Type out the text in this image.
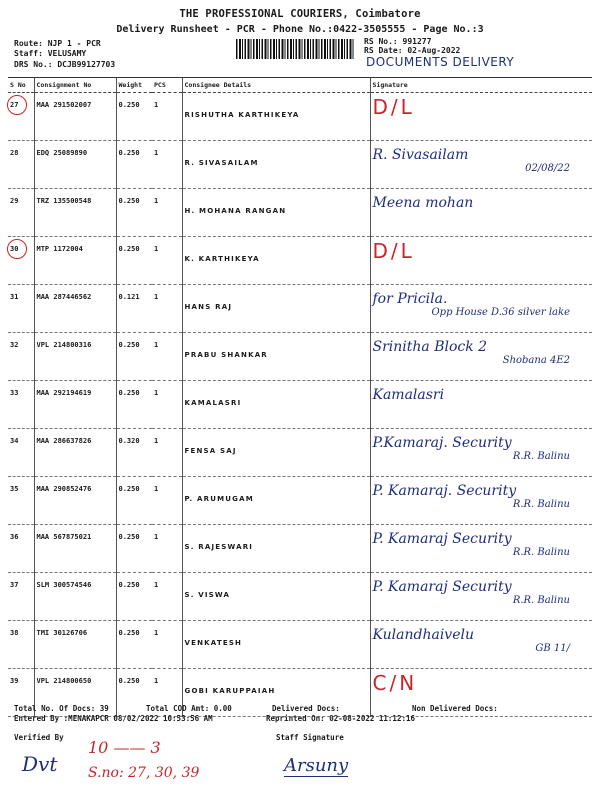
THE PROFESSIONAL COURIERS, Coimbatore
Delivery Runsheet - PCR - Phone No.:0422-3505555 - Page No.:3
Route: NJP 1 - PCR
Staff: VELUSAMY
DRS No.: DCJB99127703
RS No.: 991277
RS Date: 02-Aug-2022
DOCUMENTS DELIVERY
S No	Consignment No	Weight	PCS	Consignee Details	Signature

27	MAA 291502007	0.250	1	RISHUTHA KARTHIKEYA	D/L
28	EDQ 25089890	0.250	1	R. SIVASAILAM	R. Sivasailam
02/08/22

29	TRZ 135500548	0.250	1	H. MOHANA RANGAN	Meena mohan

30	MTP 1172004	0.250	1	K. KARTHIKEYA	D/L
31	MAA 287446562	0.121	1	HANS RAJ	for Pricila.
Opp House D.36 silver lake

32	VPL 214800316	0.250	1	PRABU SHANKAR	Srinitha Block 2
Shobana 4E2

33	MAA 292194619	0.250	1	KAMALASRI	Kamalasri
34	MAA 286637826	0.320	1	FENSA SAJ	P.Kamaraj. Security
R.R. Balinu

35	MAA 290852476	0.250	1	P. ARUMUGAM	P. Kamaraj. Security
R.R. Balinu

36	MAA 567875021	0.250	1	S. RAJESWARI	P. Kamaraj Security
R.R. Balinu

37	SLM 300574546	0.250	1	S. VISWA	P. Kamaraj Security
R.R. Balinu

38	TMI 30126706	0.250	1	VENKATESH	Kulandhaivelu
GB 11/

39	VPL 214800650	0.250	1	GOBI KARUPPAIAH	C/N
Total No. Of Docs: 39	Total COD Amt: 0.00	Delivered Docs:	Non Delivered Docs:
Entered By :MENAKAPCR 08/02/2022 10:53:56 AM	Reprinted On: 02-08-2022 11:12:16
Verified By	Staff Signature
10 —— 3
S.no: 27, 30, 39
Dvt	Arsuny
